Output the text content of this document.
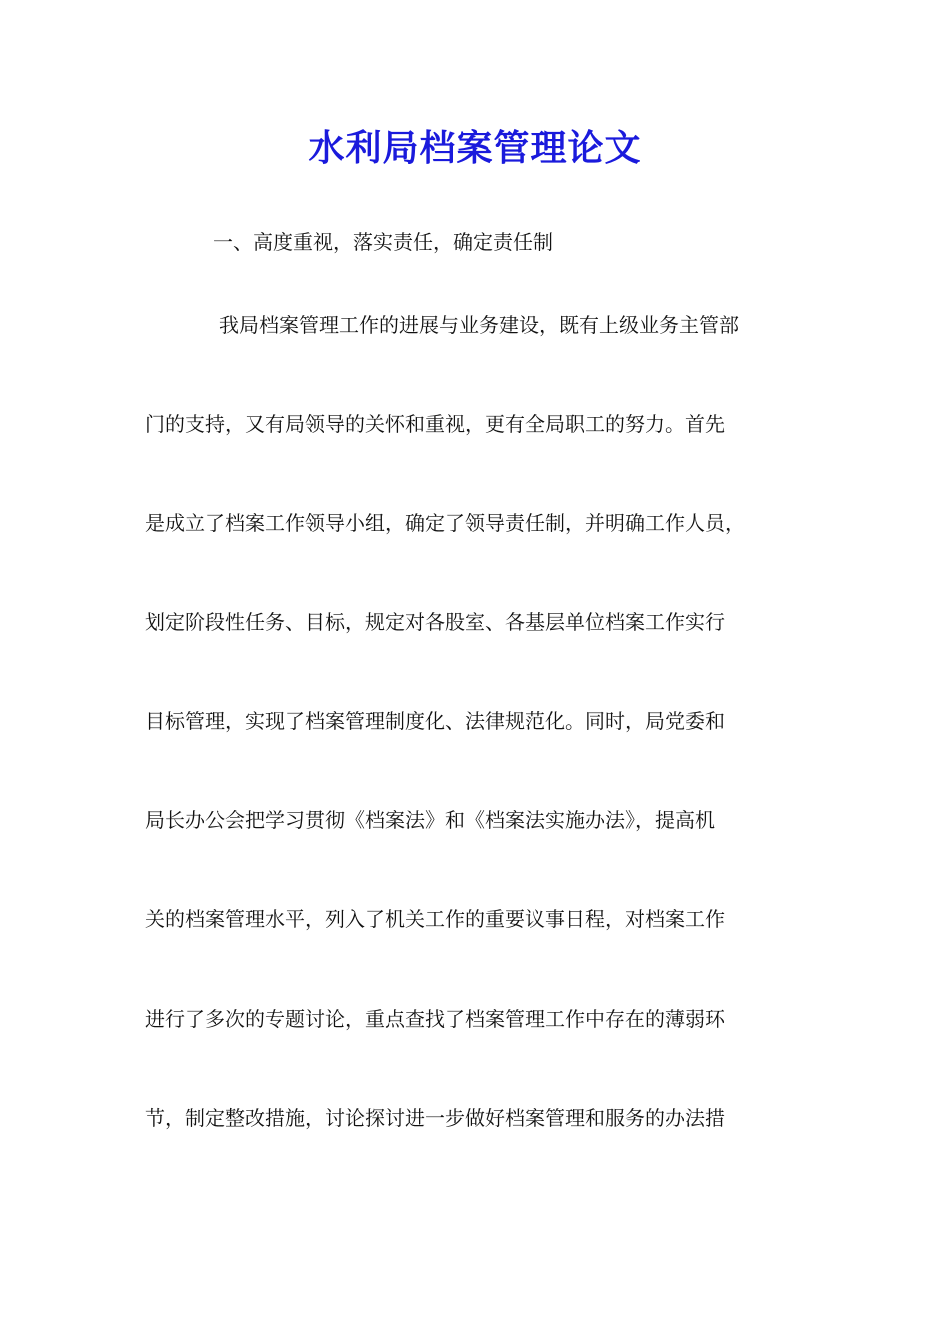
水利局档案管理论文

一、高度重视，落实责任，确定责任制

我局档案管理工作的进展与业务建设，既有上级业务主管部

门的支持，又有局领导的关怀和重视，更有全局职工的努力。首先

是成立了档案工作领导小组，确定了领导责任制，并明确工作人员，

划定阶段性任务、目标，规定对各股室、各基层单位档案工作实行

目标管理，实现了档案管理制度化、法律规范化。同时，局党委和

局长办公会把学习贯彻《档案法》和《档案法实施办法》，提高机

关的档案管理水平，列入了机关工作的重要议事日程，对档案工作

进行了多次的专题讨论，重点查找了档案管理工作中存在的薄弱环

节，制定整改措施，讨论探讨进一步做好档案管理和服务的办法措
